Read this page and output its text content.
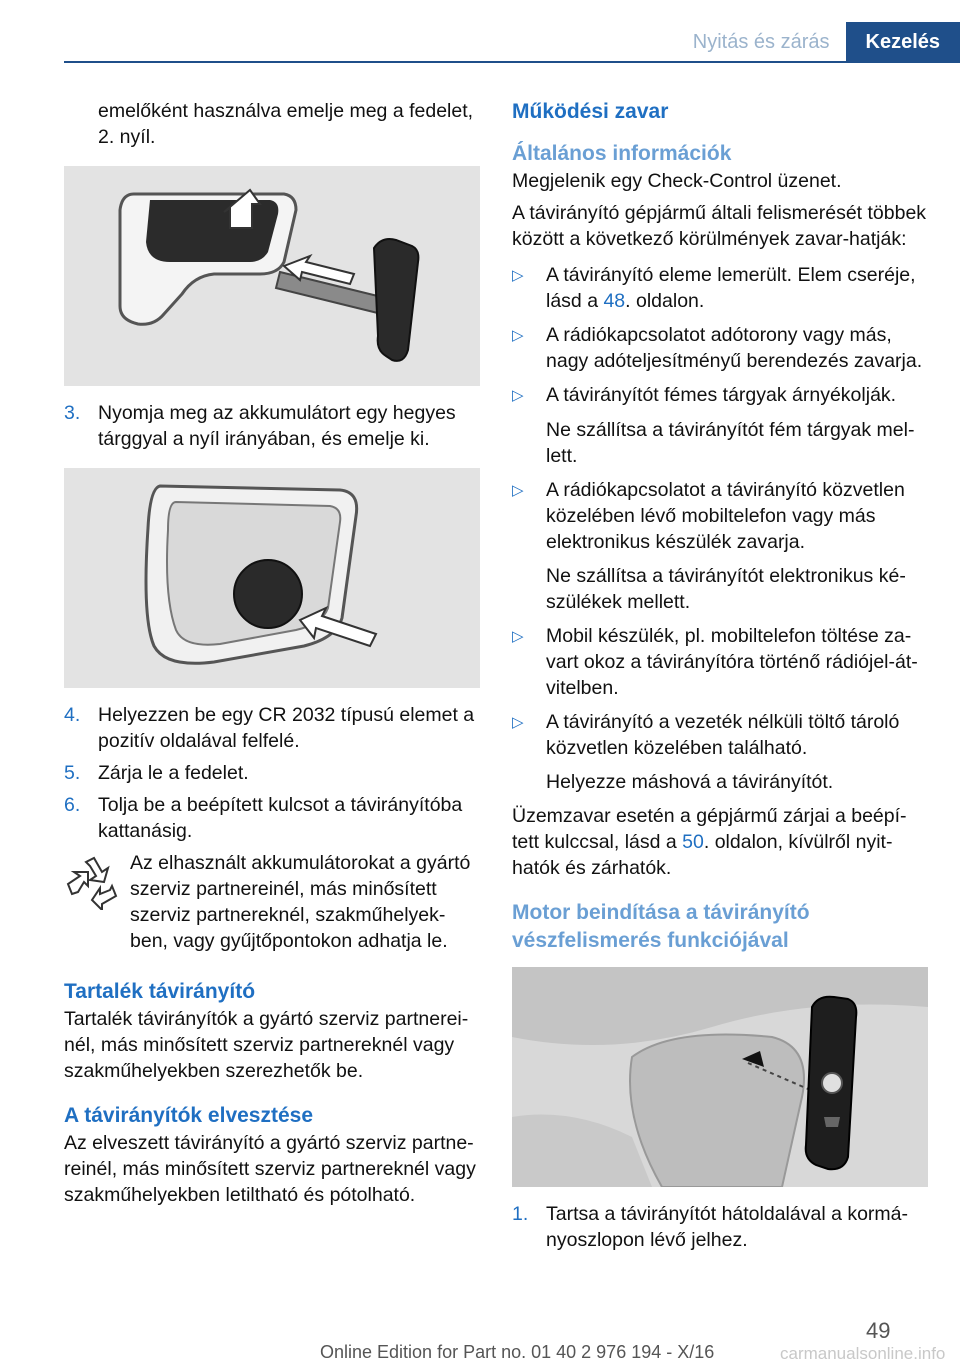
Nyitás és zárás	Kezelés

emelőként használva emelje meg a fedelet, 2. nyíl.

3. Nyomja meg az akkumulátort egy hegyes tárggyal a nyíl irányában, és emelje ki.
4. Helyezzen be egy CR 2032 típusú elemet a pozitív oldalával felfelé.
5. Zárja le a fedelet.
6. Tolja be a beépített kulcsot a távirányítóba kattanásig.

Az elhasznált akkumulátorokat a gyártó szerviz partnereinél, más minősített szerviz partnereknél, szakműhelyek-ben, vagy gyűjtőpontokon adhatja le.

Tartalék távirányító

Tartalék távirányítók a gyártó szerviz partnerei-nél, más minősített szerviz partnereknél vagy szakműhelyekben szerezhetők be.

A távirányítók elvesztése

Az elveszett távirányító a gyártó szerviz partne-reinél, más minősített szerviz partnereknél vagy szakműhelyekben letiltható és pótolható.

Működési zavar
Általános információk

Megjelenik egy Check-Control üzenet.

A távirányító gépjármű általi felismerését többek között a következő körülmények zavar-hatják:

▷	A távirányító eleme lemerült. Elem cseréje, lásd a 48. oldalon.
▷	A rádiókapcsolatot adótorony vagy más, nagy adóteljesítményű berendezés zavarja.
▷	A távirányítót fémes tárgyak árnyékolják.

Ne szállítsa a távirányítót fém tárgyak mel-lett.

▷	A rádiókapcsolatot a távirányító közvetlen közelében lévő mobiltelefon vagy más elektronikus készülék zavarja.

Ne szállítsa a távirányítót elektronikus ké-szülékek mellett.

▷	Mobil készülék, pl. mobiltelefon töltése za-vart okoz a távirányítóra történő rádiójel-át-vitelben.
▷	A távirányító a vezeték nélküli töltő tároló közvetlen közelében található.

Helyezze máshová a távirányítót.

Üzemzavar esetén a gépjármű zárjai a beépí-tett kulccsal, lásd a 50. oldalon, kívülről nyit-hatók és zárhatók.

Motor beindítása a távirányító vészfelismerés funkciójával
1. Tartsa a távirányítót hátoldalával a kormá-nyoszlopon lévő jelhez.
49
Online Edition for Part no. 01 40 2 976 194 - X/16	carmanualsonline.info
